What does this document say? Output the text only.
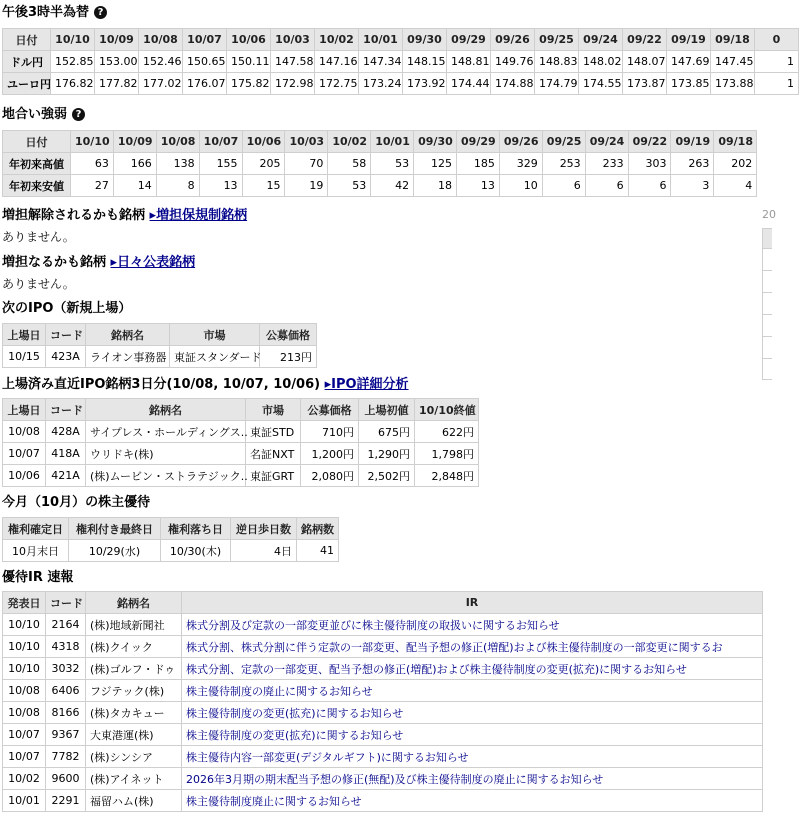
午後3時半為替 ?
日付	10/10	10/09	10/08	10/07	10/06	10/03	10/02	10/01	09/30	09/29	09/26	09/25	09/24	09/22	09/19	09/18	0
ドル円	152.85	153.00	152.46	150.65	150.11	147.58	147.16	147.34	148.15	148.81	149.76	148.83	148.02	148.07	147.69	147.45	1
ユーロ円	176.82	177.82	177.02	176.07	175.82	172.98	172.75	173.24	173.92	174.44	174.88	174.79	174.55	173.87	173.85	173.88	1
地合い強弱 ?
日付	10/10	10/09	10/08	10/07	10/06	10/03	10/02	10/01	09/30	09/29	09/26	09/25	09/24	09/22	09/19	09/18
年初来高値	63	166	138	155	205	70	58	53	125	185	329	253	233	303	263	202
年初来安値	27	14	8	13	15	19	53	42	18	13	10	6	6	6	3	4
増担解除されるかも銘柄 ▸増担保規制銘柄
ありません。
増担なるかも銘柄 ▸日々公表銘柄
ありません。
次のIPO（新規上場）
上場日	コード	銘柄名	市場	公募価格
10/15	423A	ライオン事務器	東証スタンダード	213円
上場済み直近IPO銘柄3日分(10/08, 10/07, 10/06) ▸IPO詳細分析
上場日	コード	銘柄名	市場	公募価格	上場初値	10/10終値
10/08	428A	サイプレス・ホールディングス..	東証STD	710円	675円	622円
10/07	418A	ウリドキ(株)	名証NXT	1,200円	1,290円	1,798円
10/06	421A	(株)ムービン・ストラテジック..	東証GRT	2,080円	2,502円	2,848円
今月（10月）の株主優待
権利確定日	権利付き最終日	権利落ち日	逆日歩日数	銘柄数
10月末日	10/29(水)	10/30(木)	4日	41
優待IR 速報
発表日	コード	銘柄名	IR
10/10	2164	(株)地域新聞社	株式分割及び定款の一部変更並びに株主優待制度の取扱いに関するお知らせ
10/10	4318	(株)クイック	株式分割、株式分割に伴う定款の一部変更、配当予想の修正(増配)および株主優待制度の一部変更に関するお
10/10	3032	(株)ゴルフ・ドゥ	株式分割、定款の一部変更、配当予想の修正(増配)および株主優待制度の変更(拡充)に関するお知らせ
10/08	6406	フジテック(株)	株主優待制度の廃止に関するお知らせ
10/08	8166	(株)タカキュー	株主優待制度の変更(拡充)に関するお知らせ
10/07	9367	大東港運(株)	株主優待制度の変更(拡充)に関するお知らせ
10/07	7782	(株)シンシア	株主優待内容一部変更(デジタルギフト)に関するお知らせ
10/02	9600	(株)アイネット	2026年3月期の期末配当予想の修正(無配)及び株主優待制度の廃止に関するお知らせ
10/01	2291	福留ハム(株)	株主優待制度廃止に関するお知らせ
20
